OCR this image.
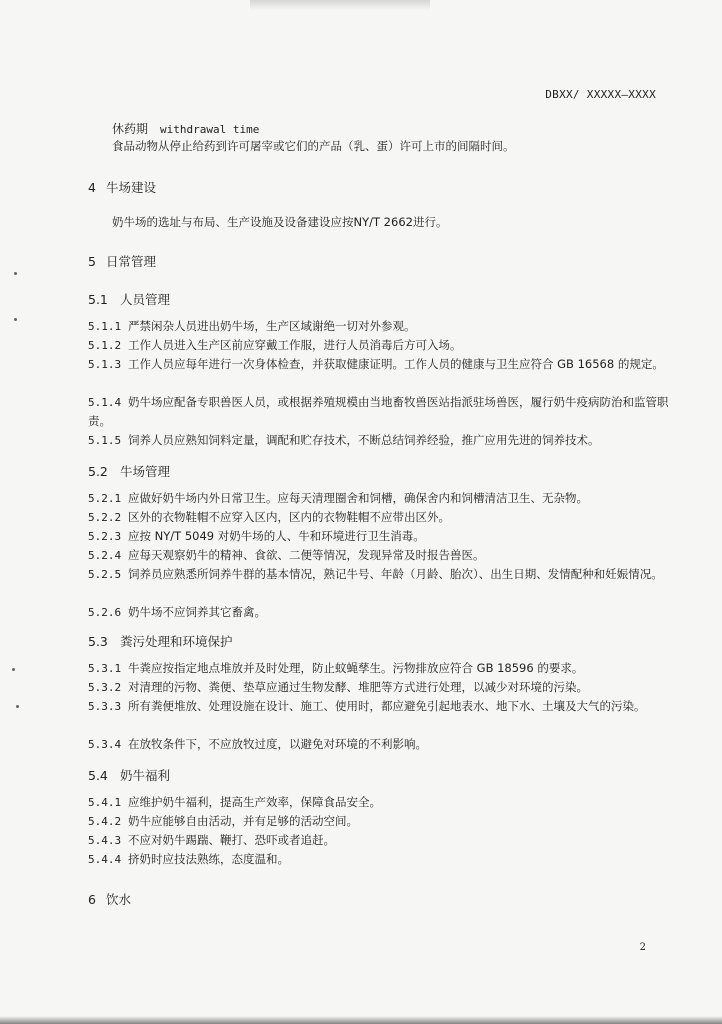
DBXX/ XXXXX—XXXX
休药期 withdrawal time
食品动物从停止给药到许可屠宰或它们的产品（乳、蛋）许可上市的间隔时间。
4 牛场建设
奶牛场的选址与布局、生产设施及设备建设应按NY/T 2662进行。
5 日常管理
5.1 人员管理
5.1.1 严禁闲杂人员进出奶牛场，生产区域谢绝一切对外参观。
5.1.2 工作人员进入生产区前应穿戴工作服，进行人员消毒后方可入场。
5.1.3 工作人员应每年进行一次身体检查，并获取健康证明。工作人员的健康与卫生应符合 GB 16568 的规定。
5.1.4 奶牛场应配备专职兽医人员，或根据养殖规模由当地畜牧兽医站指派驻场兽医，履行奶牛疫病防治和监管职责。
5.1.5 饲养人员应熟知饲料定量，调配和贮存技术，不断总结饲养经验，推广应用先进的饲养技术。
5.2 牛场管理
5.2.1 应做好奶牛场内外日常卫生。应每天清理圈舍和饲槽，确保舍内和饲槽清洁卫生、无杂物。
5.2.2 区外的衣物鞋帽不应穿入区内，区内的衣物鞋帽不应带出区外。
5.2.3 应按 NY/T 5049 对奶牛场的人、牛和环境进行卫生消毒。
5.2.4 应每天观察奶牛的精神、食欲、二便等情况，发现异常及时报告兽医。
5.2.5 饲养员应熟悉所饲养牛群的基本情况，熟记牛号、年龄（月龄、胎次）、出生日期、发情配种和妊娠情况。
5.2.6 奶牛场不应饲养其它畜禽。
5.3 粪污处理和环境保护
5.3.1 牛粪应按指定地点堆放并及时处理，防止蚊蝇孳生。污物排放应符合 GB 18596 的要求。
5.3.2 对清理的污物、粪便、垫草应通过生物发酵、堆肥等方式进行处理，以减少对环境的污染。
5.3.3 所有粪便堆放、处理设施在设计、施工、使用时，都应避免引起地表水、地下水、土壤及大气的污染。
5.3.4 在放牧条件下，不应放牧过度，以避免对环境的不利影响。
5.4 奶牛福利
5.4.1 应维护奶牛福利，提高生产效率，保障食品安全。
5.4.2 奶牛应能够自由活动，并有足够的活动空间。
5.4.3 不应对奶牛踢踹、鞭打、恐吓或者追赶。
5.4.4 挤奶时应技法熟练，态度温和。
6 饮水
2
